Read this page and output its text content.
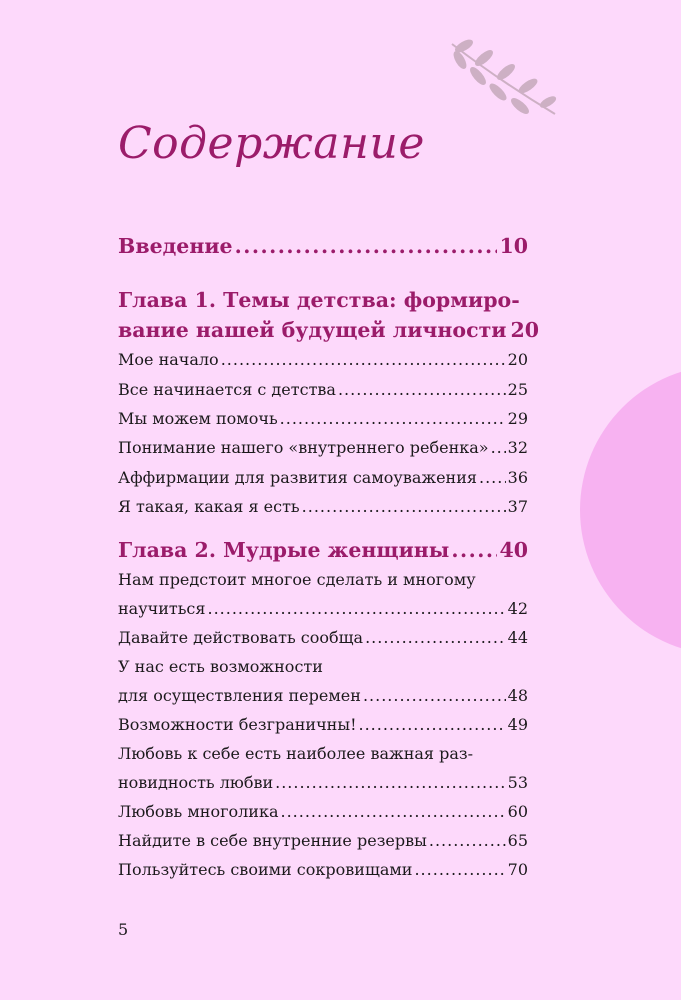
Содержание
Введение .....	10
Глава 1. Темы детства: формиро-
вание нашей будущей личности 20
Мое начало .....	20
Все начинается с детства .....	25
Мы можем помочь .....	29
Понимание нашего «внутреннего ребенка» ..... 32
Аффирмации для развития самоуважения ..... 36
Я такая, какая я есть .....	37
Глава 2. Мудрые женщины ..... 40
Нам предстоит многое сделать и многому
научиться .....	42
Давайте действовать сообща .....	44
У нас есть возможности
для осуществления перемен .....	48
Возможности безграничны! .....	49
Любовь к себе есть наиболее важная раз-
новидность любви .....	53
Любовь многолика .....	60
Найдите в себе внутренние резервы .....	65
Пользуйтесь своими сокровищами .....	70
5
